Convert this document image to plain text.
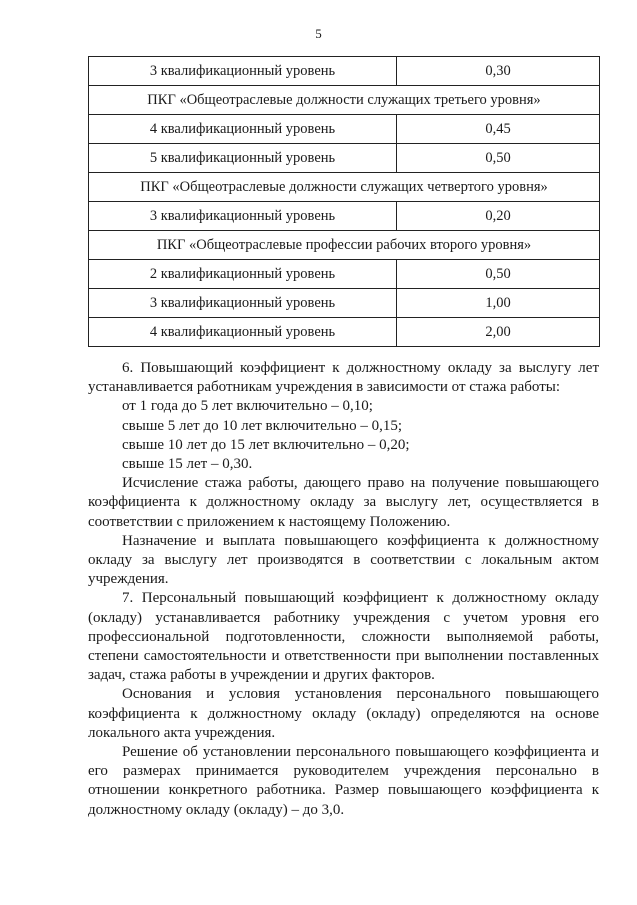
5
3 квалификационный уровень	0,30
ПКГ «Общеотраслевые должности служащих третьего уровня»	
4 квалификационный уровень	0,45
5 квалификационный уровень	0,50
ПКГ «Общеотраслевые должности служащих четвертого уровня»	
3 квалификационный уровень	0,20
ПКГ «Общеотраслевые профессии рабочих второго уровня»	
2 квалификационный уровень	0,50
3 квалификационный уровень	1,00
4 квалификационный уровень	2,00

6. Повышающий коэффициент к должностному окладу за выслугу лет устанавливается работникам учреждения в зависимости от стажа работы:

от 1 года до 5 лет включительно – 0,10;

свыше 5 лет до 10 лет включительно – 0,15;

свыше 10 лет до 15 лет включительно – 0,20;

свыше 15 лет – 0,30.

Исчисление стажа работы, дающего право на получение повышающего коэффициента к должностному окладу за выслугу лет, осуществляется в соответствии с приложением к настоящему Положению.

Назначение и выплата повышающего коэффициента к должностному окладу за выслугу лет производятся в соответствии с локальным актом учреждения.

7. Персональный повышающий коэффициент к должностному окладу (окладу) устанавливается работнику учреждения с учетом уровня его профессиональной подготовленности, сложности выполняемой работы, степени самостоятельности и ответственности при выполнении поставленных задач, стажа работы в учреждении и других факторов.

Основания и условия установления персонального повышающего коэффициента к должностному окладу (окладу) определяются на основе локального акта учреждения.

Решение об установлении персонального повышающего коэффициента и его размерах принимается руководителем учреждения персонально в отношении конкретного работника. Размер повышающего коэффициента к должностному окладу (окладу) – до 3,0.
